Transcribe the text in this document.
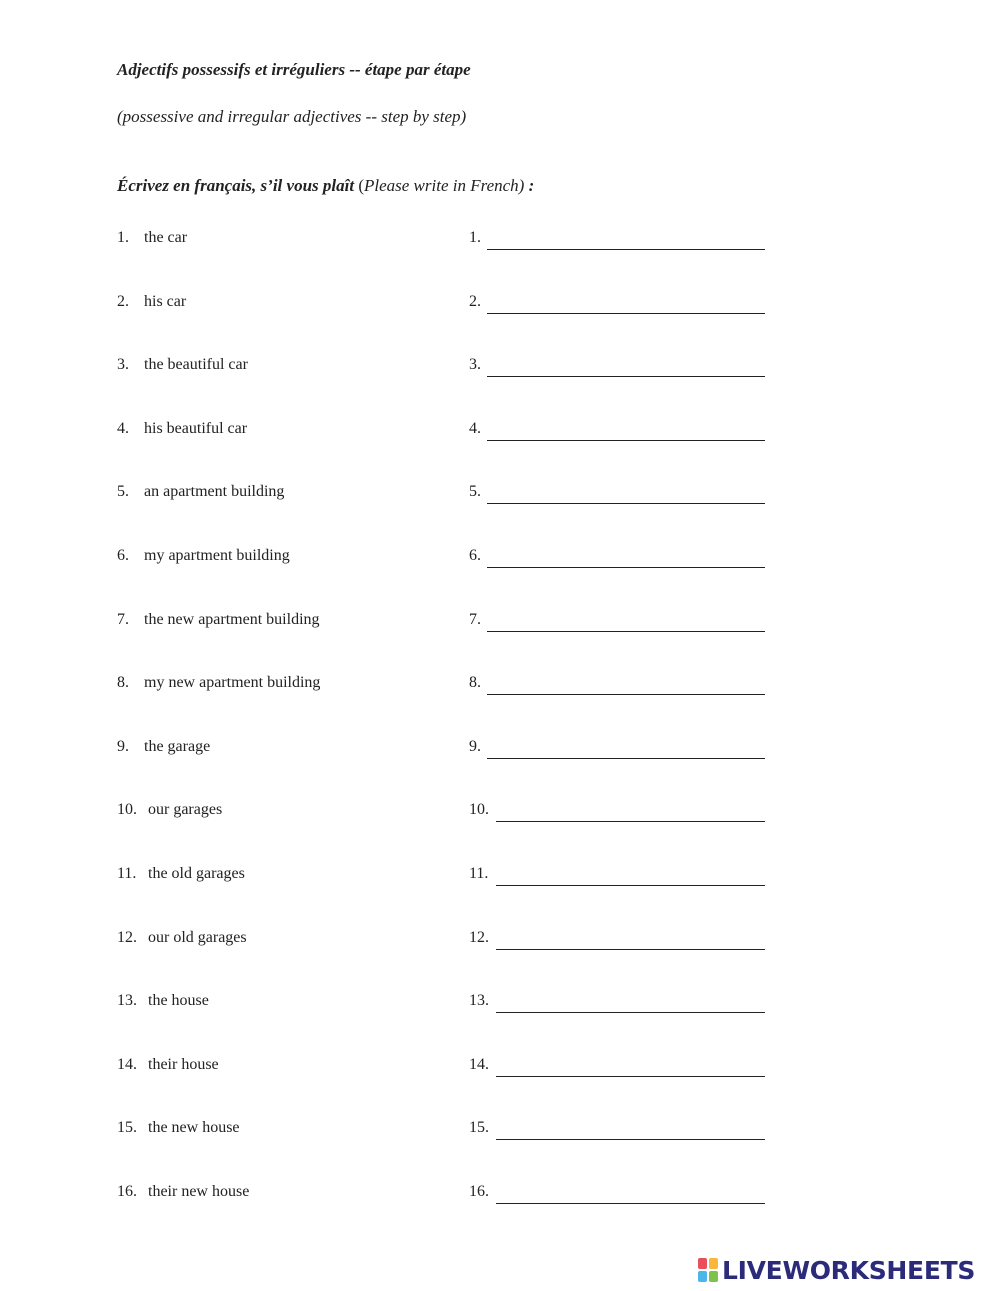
Adjectifs possessifs et irréguliers -- étape par étape
(possessive and irregular adjectives -- step by step)
Écrivez en français, s’il vous plaît (Please write in French) :
1. the car	1.
2. his car	2.
3. the beautiful car	3.
4. his beautiful car	4.
5. an apartment building	5.
6. my apartment building	6.
7. the new apartment building	7.
8. my new apartment building	8.
9. the garage	9.
10. our garages	10.
11. the old garages	11.
12. our old garages	12.
13. the house	13.
14. their house	14.
15. the new house	15.
16. their new house	16.
LIVEWORKSHEETS
